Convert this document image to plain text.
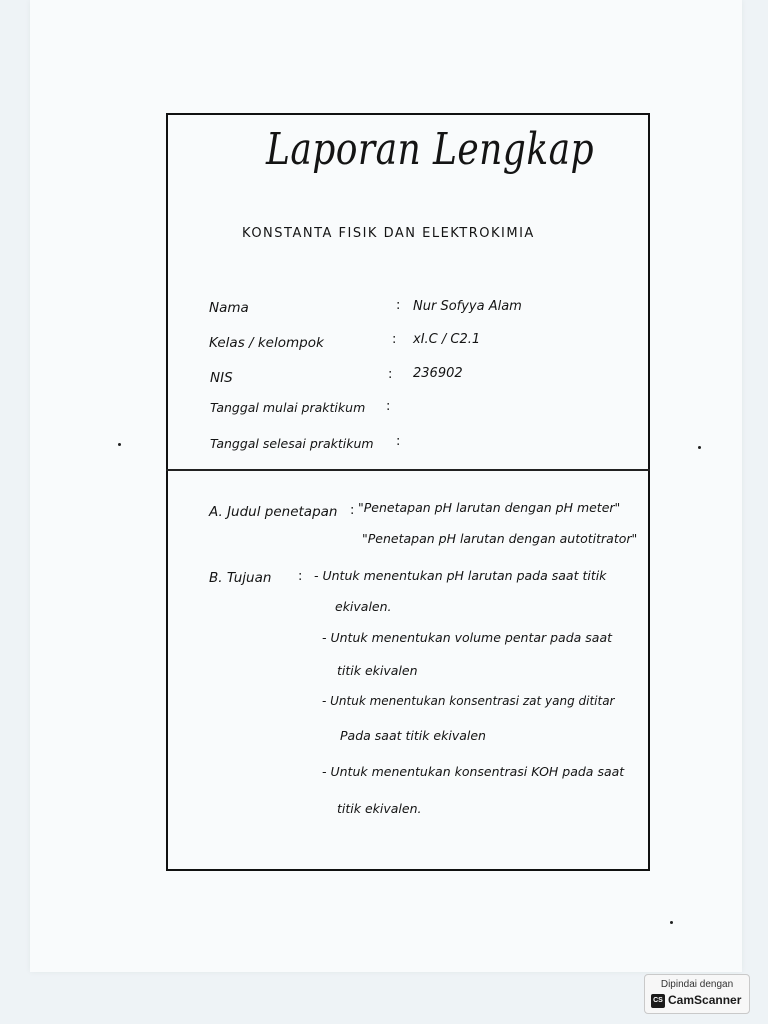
Laporan Lengkap
KONSTANTA FISIK DAN ELEKTROKIMIA
Nama	: Nur Sofyya Alam
Kelas / kelompok	: xI.C / C2.1
NIS	: 236902
Tanggal mulai praktikum :
Tanggal selesai praktikum :
A. Judul penetapan : "Penetapan pH larutan dengan pH meter"
"Penetapan pH larutan dengan autotitrator"
B. Tujuan : - Untuk menentukan pH larutan pada saat titik
ekivalen.
- Untuk menentukan volume pentar pada saat
titik ekivalen
- Untuk menentukan konsentrasi zat yang dititar
Pada saat titik ekivalen
- Untuk menentukan konsentrasi KOH pada saat
titik ekivalen.
Dipindai dengan
CS CamScanner
